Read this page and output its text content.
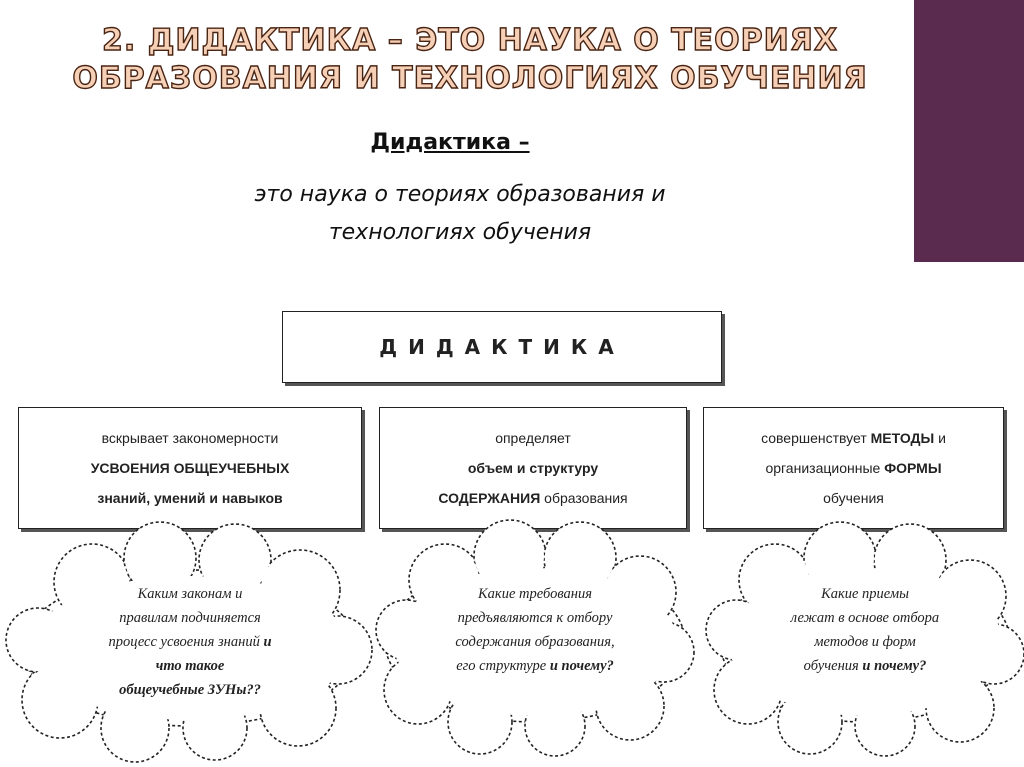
2. ДИДАКТИКА – ЭТО НАУКА О ТЕОРИЯХ
ОБРАЗОВАНИЯ И ТЕХНОЛОГИЯХ ОБУЧЕНИЯ
Дидактика –
это наука о теориях образования и
технологиях обучения
ДИДАКТИКА
вскрывает закономерности
УСВОЕНИЯ ОБЩЕУЧЕБНЫХ
знаний, умений и навыков
определяет
объем и структуру
СОДЕРЖАНИЯ образования
совершенствует МЕТОДЫ и
организационные ФОРМЫ
обучения
Каким законам и
правилам подчиняется
процесс усвоения знаний и
что такое
общеучебные ЗУНы??
Какие требования
предъявляются к отбору
содержания образования,
его структуре и почему?
Какие приемы
лежат в основе отбора
методов и форм
обучения и почему?
